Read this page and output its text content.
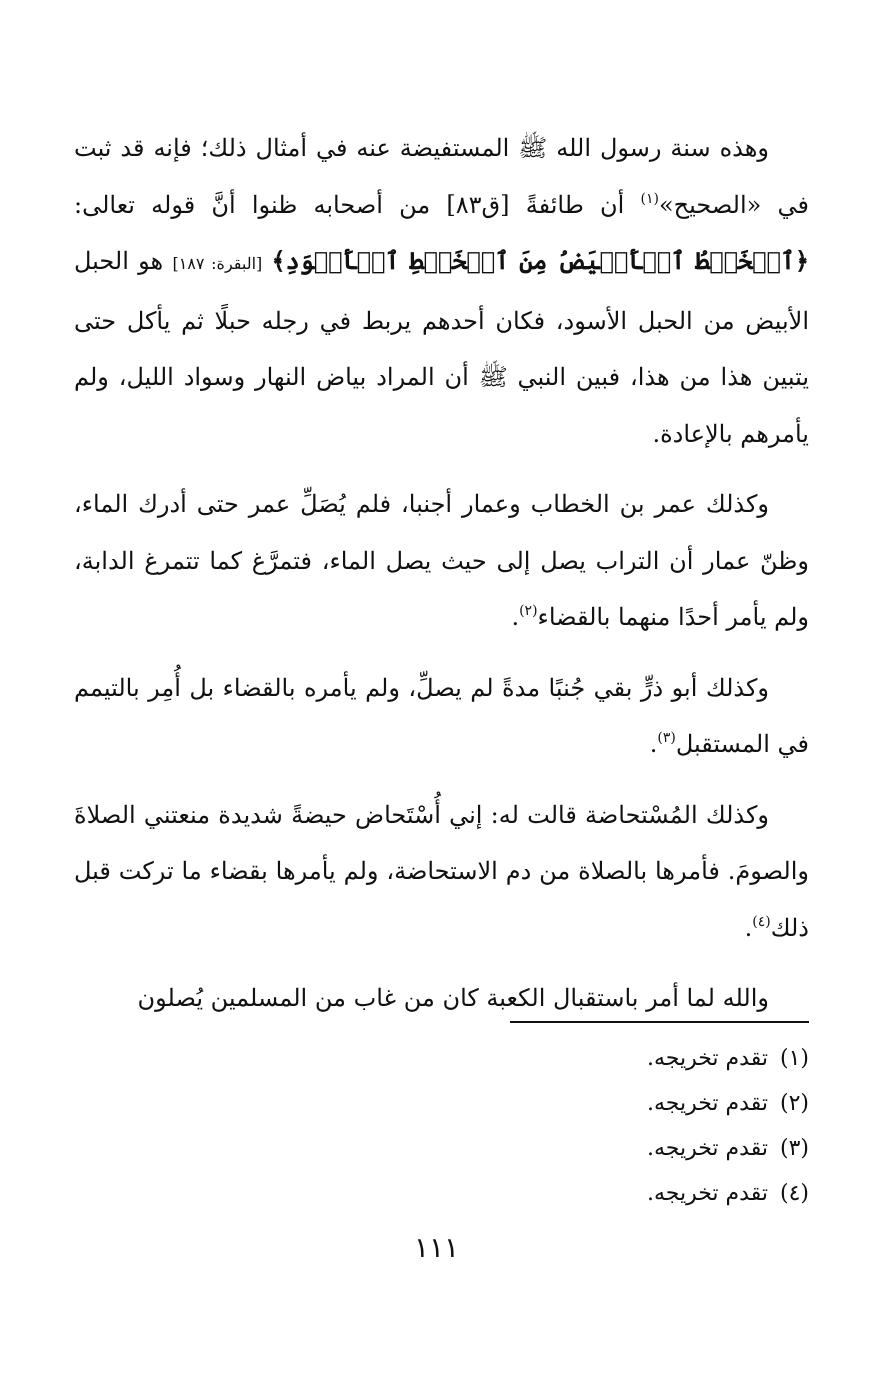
وهذه سنة رسول الله ﷺ المستفيضة عنه في أمثال ذلك؛ فإنه قد ثبت في «الصحيح»$^{(١)}$ أن طائفةً [ق٨٣] من أصحابه ظنوا أنَّ قوله تعالى: ﴿ٱلۡخَيۡطُ ٱلۡأَبۡيَضُ مِنَ ٱلۡخَيۡطِ ٱلۡأَسۡوَدِ﴾ [البقرة: ١٨٧] هو الحبل الأبيض من الحبل الأسود، فكان أحدهم يربط في رجله حبلًا ثم يأكل حتى يتبين هذا من هذا، فبين النبي ﷺ أن المراد بياض النهار وسواد الليل، ولم يأمرهم بالإعادة.

وكذلك عمر بن الخطاب وعمار أجنبا، فلم يُصَلِّ عمر حتى أدرك الماء، وظنّ عمار أن التراب يصل إلى حيث يصل الماء، فتمرَّغ كما تتمرغ الدابة، ولم يأمر أحدًا منهما بالقضاء$^{(٢)}$.

وكذلك أبو ذرٍّ بقي جُنبًا مدةً لم يصلِّ، ولم يأمره بالقضاء بل أُمِر بالتيمم في المستقبل$^{(٣)}$.

وكذلك المُسْتحاضة قالت له: إني أُسْتَحاض حيضةً شديدة منعتني الصلاةَ والصومَ. فأمرها بالصلاة من دم الاستحاضة، ولم يأمرها بقضاء ما تركت قبل ذلك$^{(٤)}$.

والله لما أمر باستقبال الكعبة كان من غاب من المسلمين يُصلون

(١)تقدم تخريجه.
(٢)تقدم تخريجه.
(٣)تقدم تخريجه.
(٤)تقدم تخريجه.
١١١
